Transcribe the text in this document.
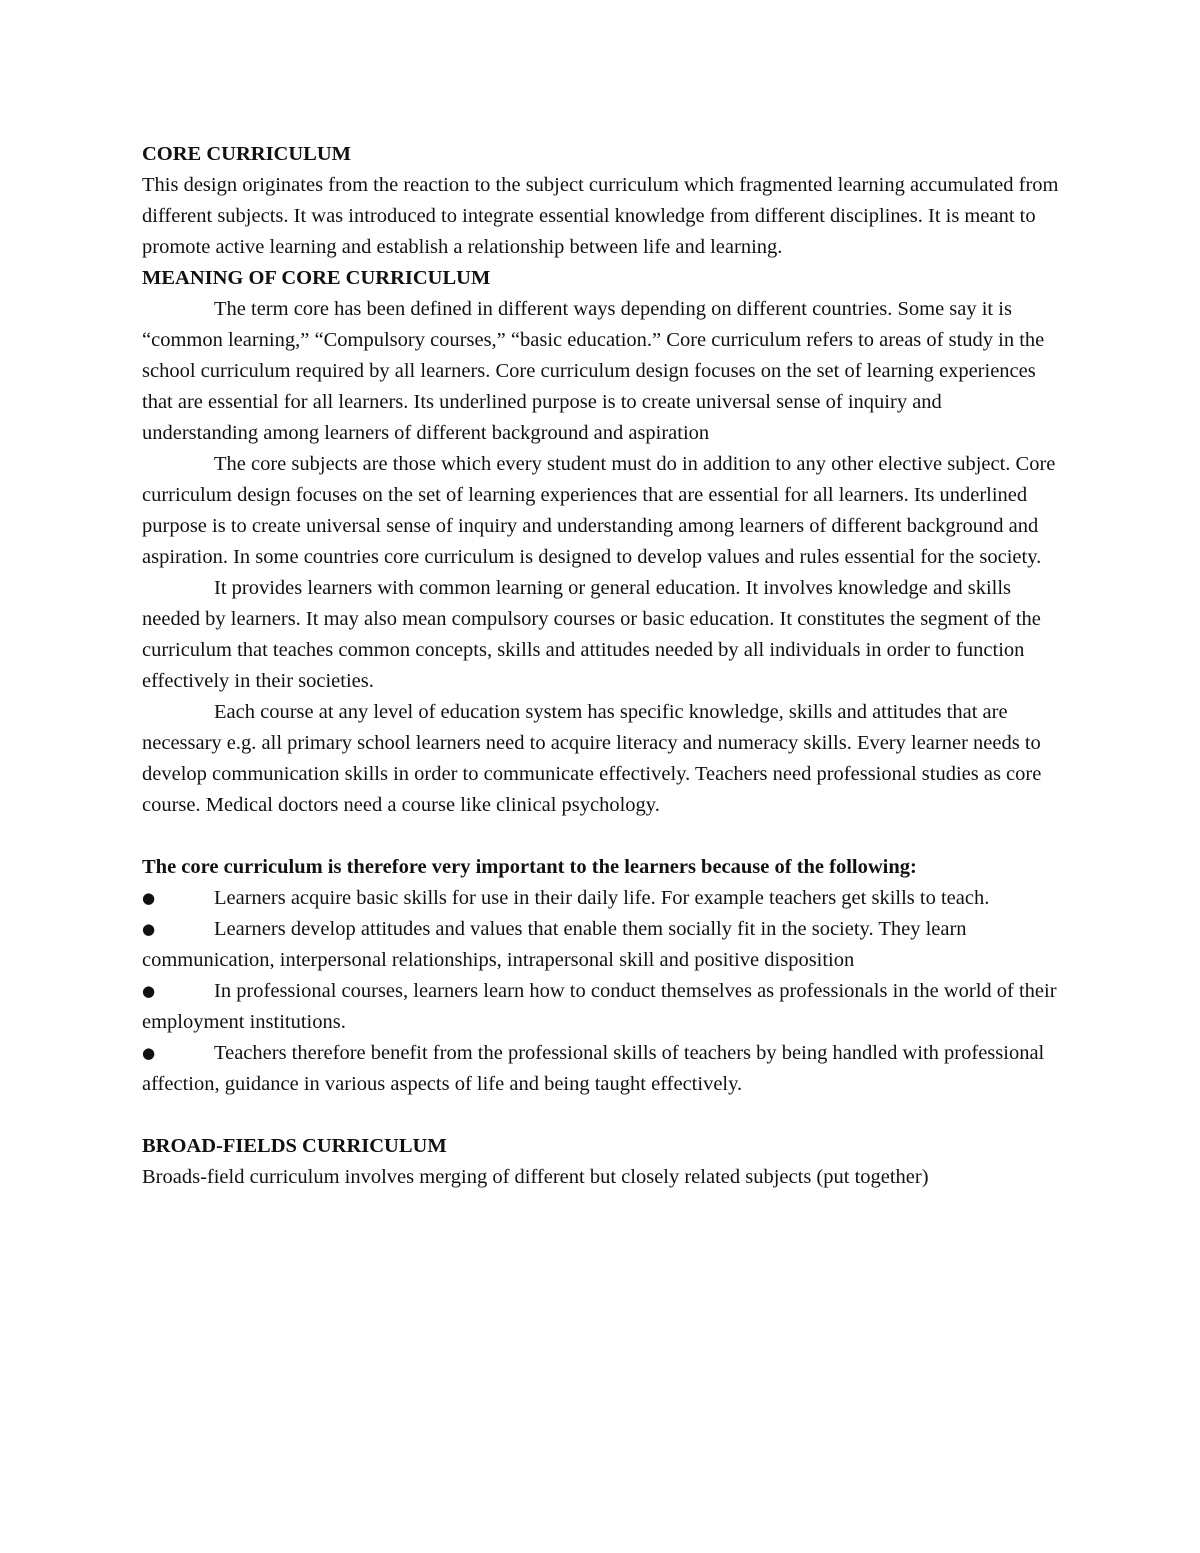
CORE CURRICULUM

This design originates from the reaction to the subject curriculum which fragmented learning accumulated from different subjects. It was introduced to integrate essential knowledge from different disciplines. It is meant to promote active learning and establish a relationship between life and learning.

MEANING OF CORE CURRICULUM

The term core has been defined in different ways depending on different countries. Some say it is “common learning,” “Compulsory courses,” “basic education.” Core curriculum refers to areas of study in the school curriculum required by all learners. Core curriculum design focuses on the set of learning experiences that are essential for all learners. Its underlined purpose is to create universal sense of inquiry and understanding among learners of different background and aspiration

The core subjects are those which every student must do in addition to any other elective subject. Core curriculum design focuses on the set of learning experiences that are essential for all learners. Its underlined purpose is to create universal sense of inquiry and understanding among learners of different background and aspiration. In some countries core curriculum is designed to develop values and rules essential for the society.

It provides learners with common learning or general education. It involves knowledge and skills needed by learners. It may also mean compulsory courses or basic education. It constitutes the segment of the curriculum that teaches common concepts, skills and attitudes needed by all individuals in order to function effectively in their societies.

Each course at any level of education system has specific knowledge, skills and attitudes that are necessary e.g. all primary school learners need to acquire literacy and numeracy skills. Every learner needs to develop communication skills in order to communicate effectively. Teachers need professional studies as core course. Medical doctors need a course like clinical psychology.

The core curriculum is therefore very important to the learners because of the following:

●	Learners acquire basic skills for use in their daily life. For example teachers get skills to teach.
●	Learners develop attitudes and values that enable them socially fit in the society. They learn communication, interpersonal relationships, intrapersonal skill and positive disposition
●	In professional courses, learners learn how to conduct themselves as professionals in the world of their employment institutions.
●	Teachers therefore benefit from the professional skills of teachers by being handled with professional affection, guidance in various aspects of life and being taught effectively.

BROAD-FIELDS CURRICULUM

Broads-field curriculum involves merging of different but closely related subjects (put together)
